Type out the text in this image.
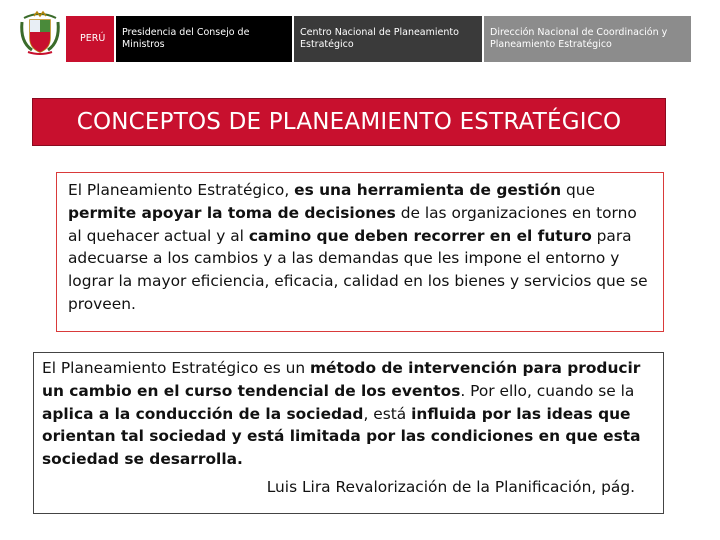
PERÚ
Presidencia del Consejo de Ministros
Centro Nacional de Planeamiento Estratégico
Dirección Nacional de Coordinación y Planeamiento Estratégico
CONCEPTOS DE PLANEAMIENTO ESTRATÉGICO
El Planeamiento Estratégico, es una herramienta de gestión que permite apoyar la toma de decisiones de las organizaciones en torno al quehacer actual y al camino que deben recorrer en el futuro para adecuarse a los cambios y a las demandas que les impone el entorno y lograr la mayor eficiencia, eficacia, calidad en los bienes y servicios que se proveen.
El Planeamiento Estratégico es un método de intervención para producir un cambio en el curso tendencial de los eventos. Por ello, cuando se la aplica a la conducción de la sociedad, está influida por las ideas que orientan tal sociedad y está limitada por las condiciones en que esta sociedad se desarrolla.
Luis Lira Revalorización de la Planificación, pág.
